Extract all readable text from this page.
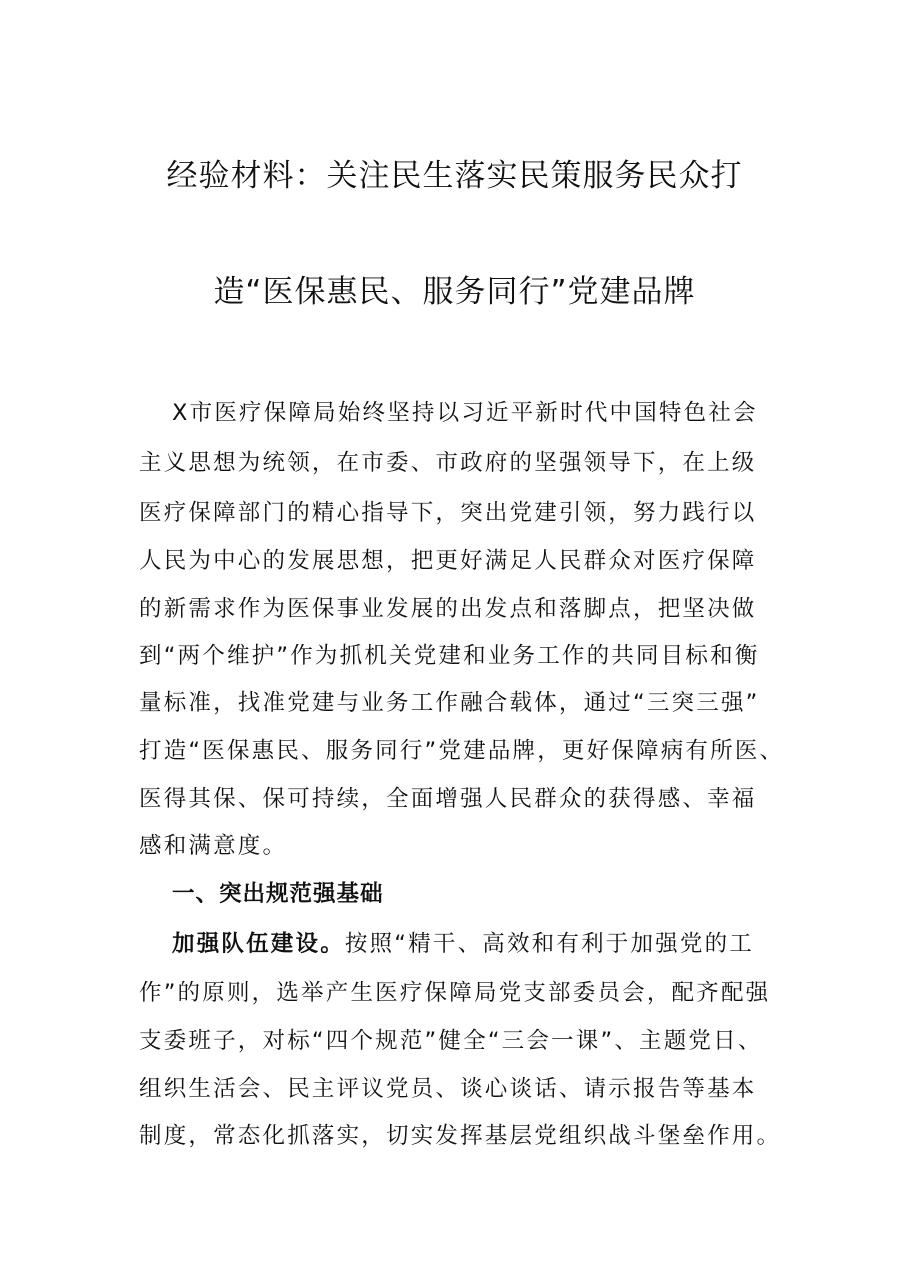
经验材料：关注民生落实民策服务民众打
造“医保惠民、服务同行”党建品牌
X市医疗保障局始终坚持以习近平新时代中国特色社会
主义思想为统领，在市委、市政府的坚强领导下，在上级
医疗保障部门的精心指导下，突出党建引领，努力践行以
人民为中心的发展思想，把更好满足人民群众对医疗保障
的新需求作为医保事业发展的出发点和落脚点，把坚决做
到“两个维护”作为抓机关党建和业务工作的共同目标和衡
量标准，找准党建与业务工作融合载体，通过“三突三强”
打造“医保惠民、服务同行”党建品牌，更好保障病有所医、
医得其保、保可持续，全面增强人民群众的获得感、幸福
感和满意度。
一、突出规范强基础
加强队伍建设。按照“精干、高效和有利于加强党的工
作”的原则，选举产生医疗保障局党支部委员会，配齐配强
支委班子，对标“四个规范”健全“三会一课”、主题党日、
组织生活会、民主评议党员、谈心谈话、请示报告等基本
制度，常态化抓落实，切实发挥基层党组织战斗堡垒作用。
